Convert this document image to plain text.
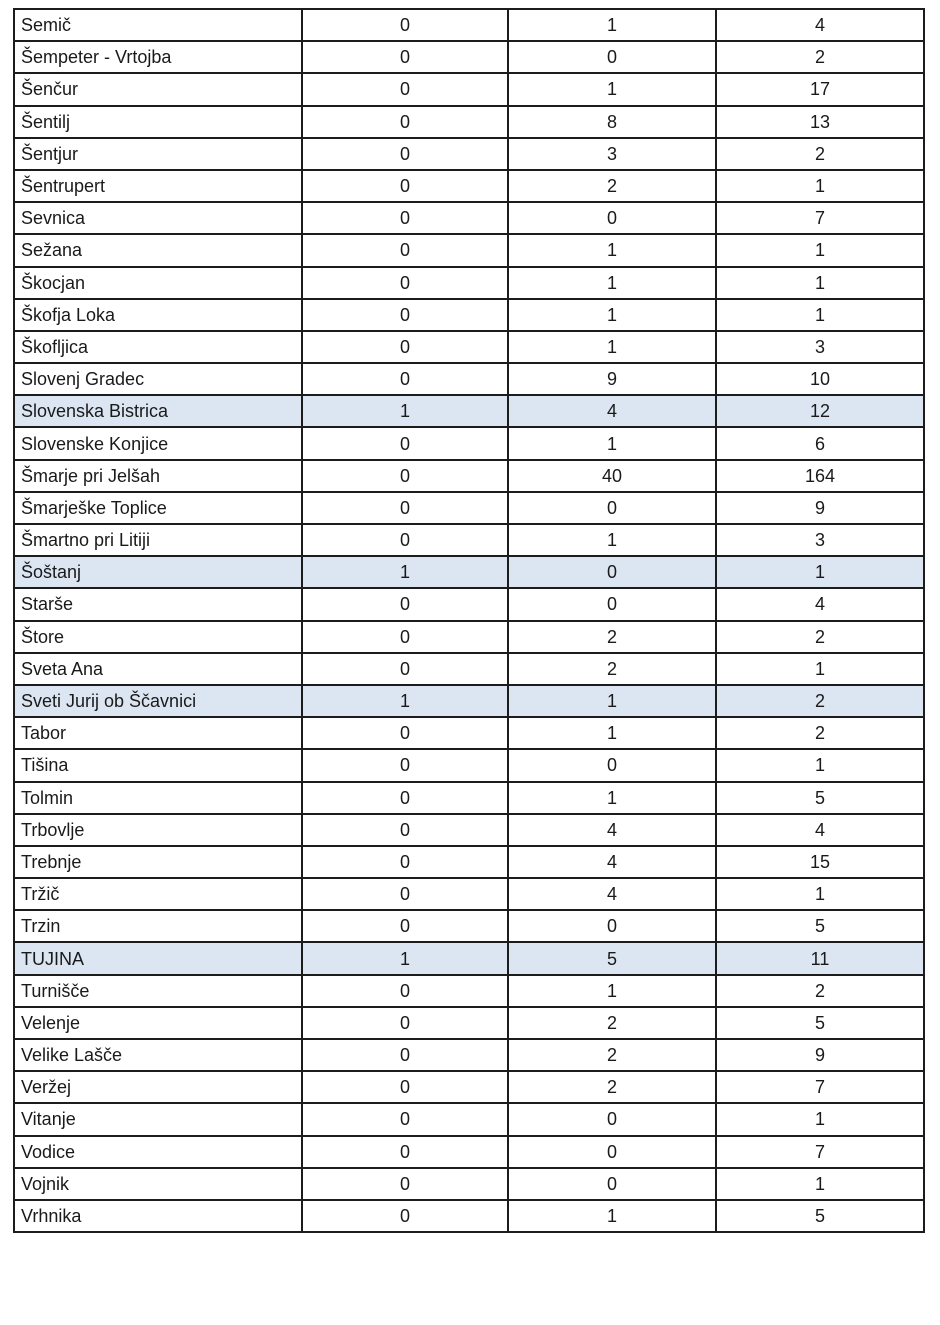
Semič	0	1	4
Šempeter - Vrtojba	0	0	2
Šenčur	0	1	17
Šentilj	0	8	13
Šentjur	0	3	2
Šentrupert	0	2	1
Sevnica	0	0	7
Sežana	0	1	1
Škocjan	0	1	1
Škofja Loka	0	1	1
Škofljica	0	1	3
Slovenj Gradec	0	9	10
Slovenska Bistrica	1	4	12
Slovenske Konjice	0	1	6
Šmarje pri Jelšah	0	40	164
Šmarješke Toplice	0	0	9
Šmartno pri Litiji	0	1	3
Šoštanj	1	0	1
Starše	0	0	4
Štore	0	2	2
Sveta Ana	0	2	1
Sveti Jurij ob Ščavnici	1	1	2
Tabor	0	1	2
Tišina	0	0	1
Tolmin	0	1	5
Trbovlje	0	4	4
Trebnje	0	4	15
Tržič	0	4	1
Trzin	0	0	5
TUJINA	1	5	11
Turnišče	0	1	2
Velenje	0	2	5
Velike Lašče	0	2	9
Veržej	0	2	7
Vitanje	0	0	1
Vodice	0	0	7
Vojnik	0	0	1
Vrhnika	0	1	5
